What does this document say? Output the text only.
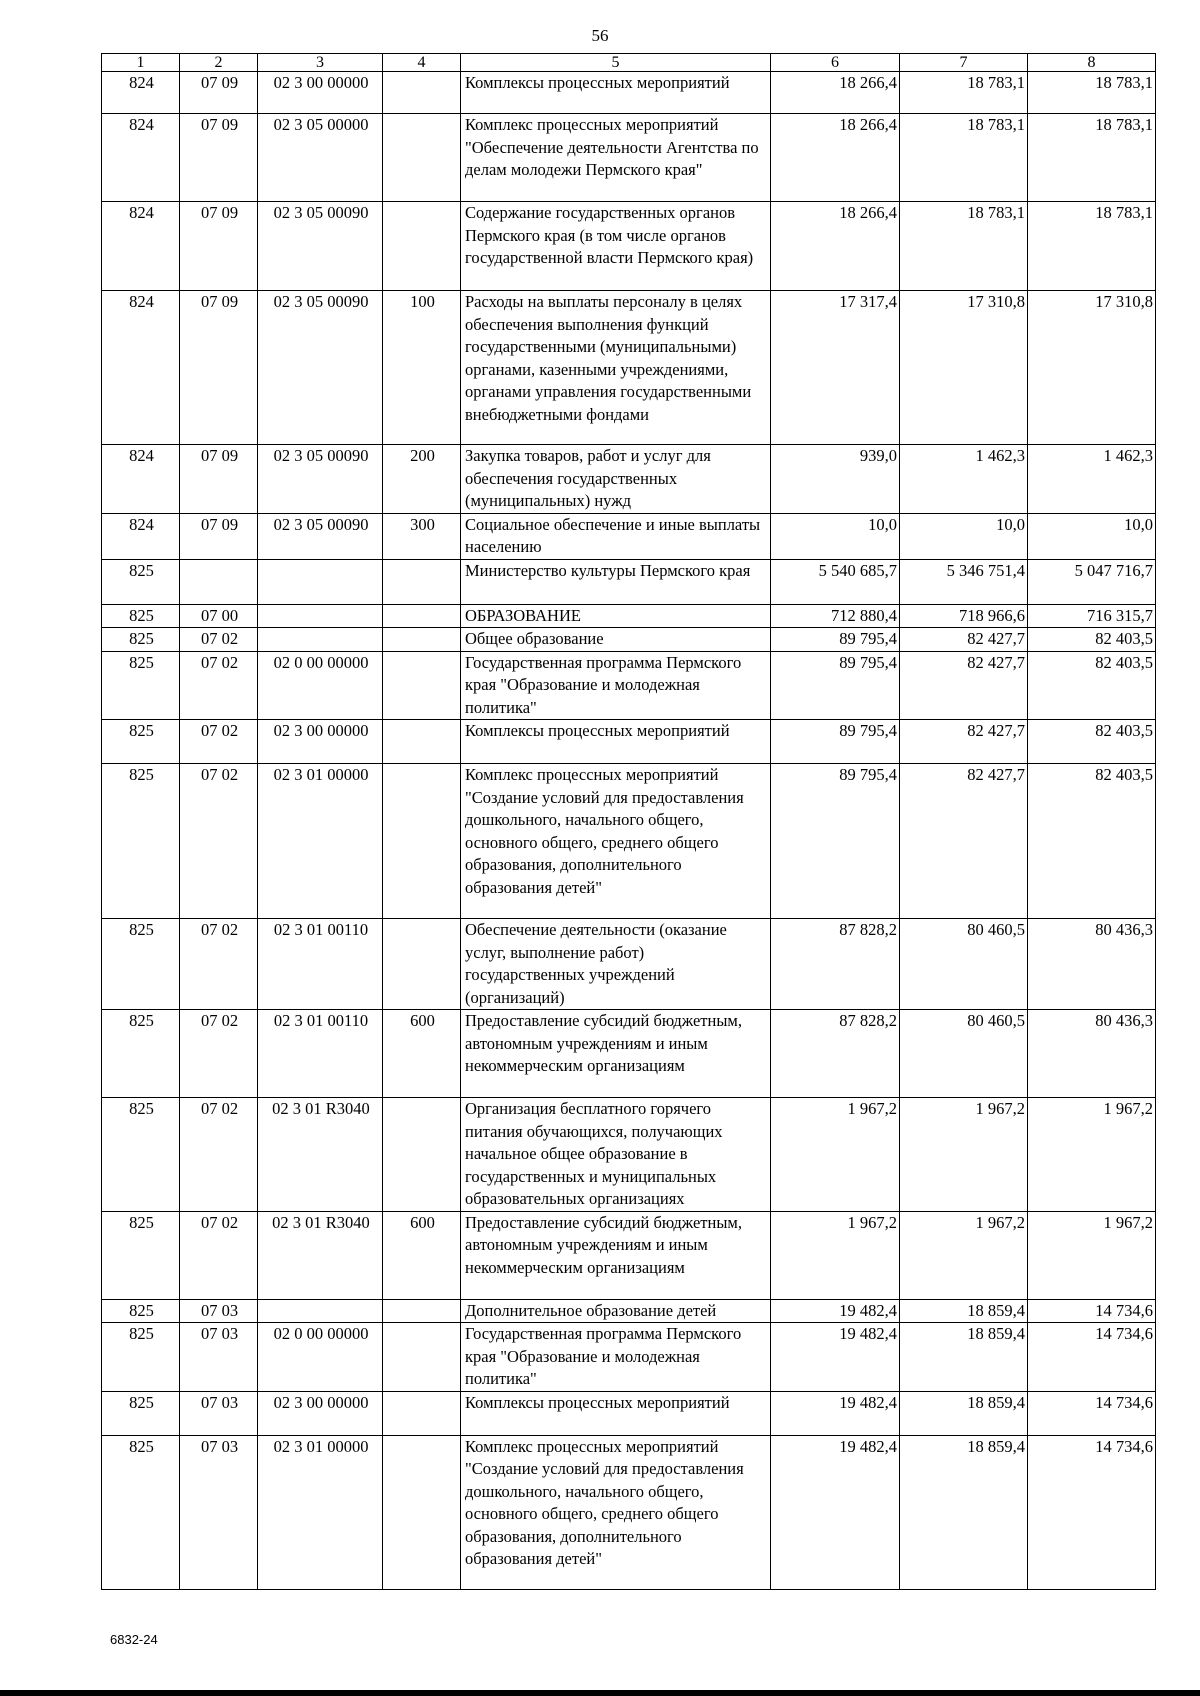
56
1	2	3	4	5	6	7	8
824	07 09	02 3 00 00000		Комплексы процессных мероприятий	18 266,4	18 783,1	18 783,1
824	07 09	02 3 05 00000		Комплекс процессных мероприятий "Обеспечение деятельности Агентства по делам молодежи Пермского края"	18 266,4	18 783,1	18 783,1
824	07 09	02 3 05 00090		Содержание государственных органов Пермского края (в том числе органов государственной власти Пермского края)	18 266,4	18 783,1	18 783,1
824	07 09	02 3 05 00090	100	Расходы на выплаты персоналу в целях обеспечения выполнения функций государственными (муниципальными) органами, казенными учреждениями, органами управления государственными внебюджетными фондами	17 317,4	17 310,8	17 310,8
824	07 09	02 3 05 00090	200	Закупка товаров, работ и услуг для обеспечения государственных (муниципальных) нужд	939,0	1 462,3	1 462,3
824	07 09	02 3 05 00090	300	Социальное обеспечение и иные выплаты населению	10,0	10,0	10,0
825				Министерство культуры Пермского края	5 540 685,7	5 346 751,4	5 047 716,7
825	07 00			ОБРАЗОВАНИЕ	712 880,4	718 966,6	716 315,7
825	07 02			Общее образование	89 795,4	82 427,7	82 403,5
825	07 02	02 0 00 00000		Государственная программа Пермского края "Образование и молодежная политика"	89 795,4	82 427,7	82 403,5
825	07 02	02 3 00 00000		Комплексы процессных мероприятий	89 795,4	82 427,7	82 403,5
825	07 02	02 3 01 00000		Комплекс процессных мероприятий "Создание условий для предоставления дошкольного, начального общего, основного общего, среднего общего образования, дополнительного образования детей"	89 795,4	82 427,7	82 403,5
825	07 02	02 3 01 00110		Обеспечение деятельности (оказание услуг, выполнение работ) государственных учреждений (организаций)	87 828,2	80 460,5	80 436,3
825	07 02	02 3 01 00110	600	Предоставление субсидий бюджетным, автономным учреждениям и иным некоммерческим организациям	87 828,2	80 460,5	80 436,3
825	07 02	02 3 01 R3040		Организация бесплатного горячего питания обучающихся, получающих начальное общее образование в государственных и муниципальных образовательных организациях	1 967,2	1 967,2	1 967,2
825	07 02	02 3 01 R3040	600	Предоставление субсидий бюджетным, автономным учреждениям и иным некоммерческим организациям	1 967,2	1 967,2	1 967,2
825	07 03			Дополнительное образование детей	19 482,4	18 859,4	14 734,6
825	07 03	02 0 00 00000		Государственная программа Пермского края "Образование и молодежная политика"	19 482,4	18 859,4	14 734,6
825	07 03	02 3 00 00000		Комплексы процессных мероприятий	19 482,4	18 859,4	14 734,6
825	07 03	02 3 01 00000		Комплекс процессных мероприятий "Создание условий для предоставления дошкольного, начального общего, основного общего, среднего общего образования, дополнительного образования детей"	19 482,4	18 859,4	14 734,6
6832-24
